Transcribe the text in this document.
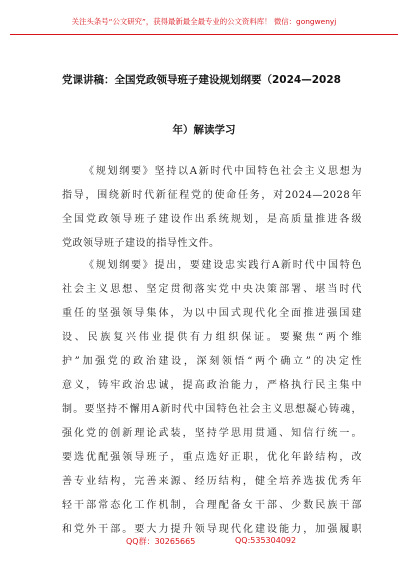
关注头条号“公文研究”，获得最新最全最专业的公文资料库！ 微信：gongwenyj
党课讲稿：全国党政领导班子建设规划纲要（2024—2028
年）解读学习
《规划纲要》坚持以A新时代中国特色社会主义思想为
指导，围绕新时代新征程党的使命任务，对2024—2028年
全国党政领导班子建设作出系统规划，是高质量推进各级
党政领导班子建设的指导性文件。
《规划纲要》提出，要建设忠实践行A新时代中国特色
社会主义思想、坚定贯彻落实党中央决策部署、堪当时代
重任的坚强领导集体，为以中国式现代化全面推进强国建
设、民族复兴伟业提供有力组织保证。要聚焦“两个维
护”加强党的政治建设，深刻领悟“两个确立”的决定性
意义，铸牢政治忠诚，提高政治能力，严格执行民主集中
制。要坚持不懈用A新时代中国特色社会主义思想凝心铸魂，
强化党的创新理论武装，坚持学思用贯通、知信行统一。
要选优配强领导班子，重点选好正职，优化年龄结构，改
善专业结构，完善来源、经历结构，健全培养选拔优秀年
轻干部常态化工作机制，合理配备女干部、少数民族干部
和党外干部。要大力提升领导现代化建设能力，加强履职
QQ群：30265665	QQ:535304092
